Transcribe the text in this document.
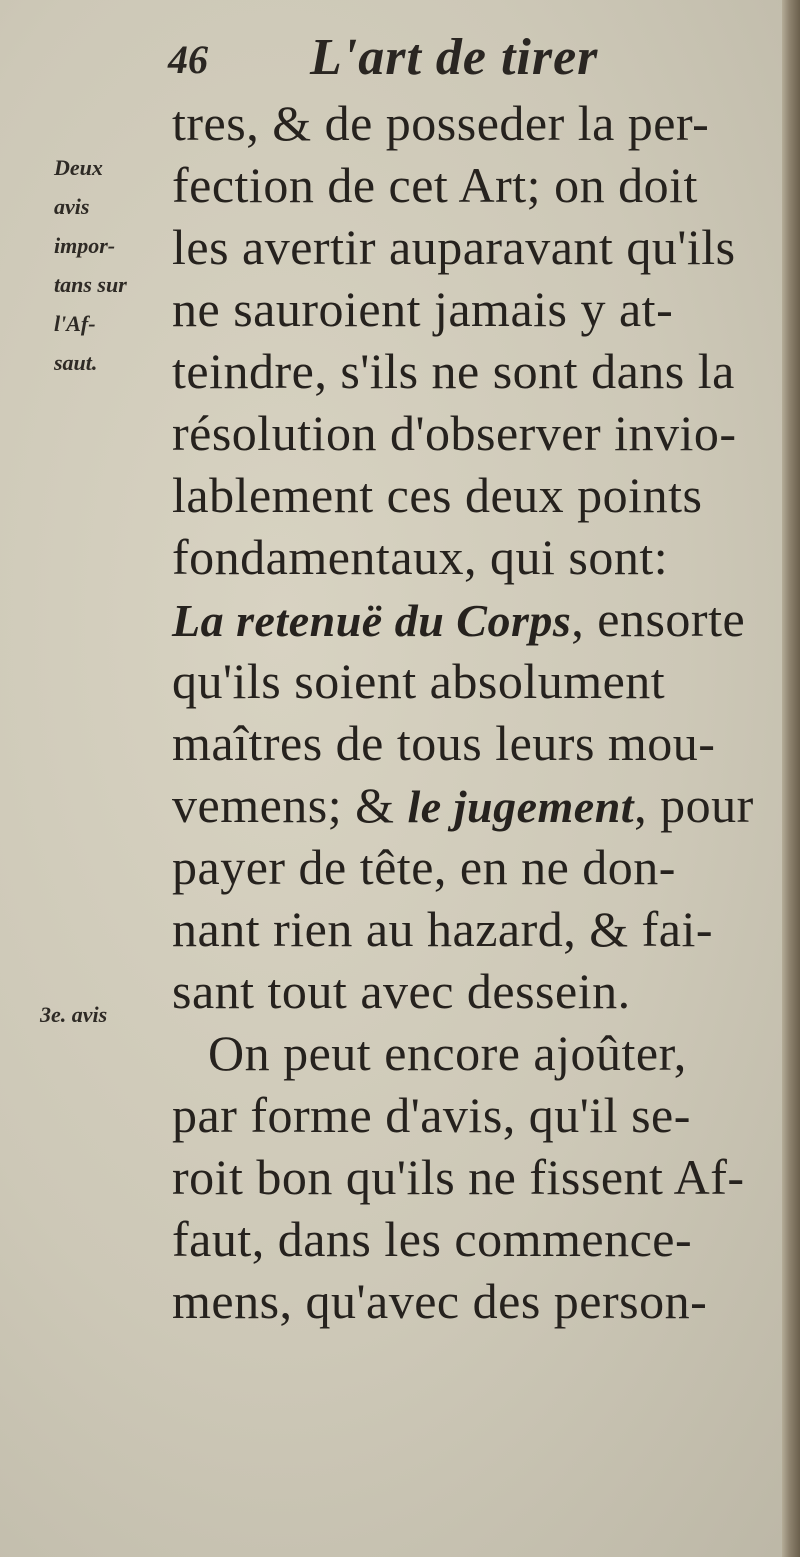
46 L'art de tirer
Deux
avis
impor-
tans sur
l'Af-
saut.
3e. avis
tres, & de posseder la per-
fection de cet Art; on doit
les avertir auparavant qu'ils
ne sauroient jamais y at-
teindre, s'ils ne sont dans la
résolution d'observer invio-
lablement ces deux points
fondamentaux, qui sont:
La retenuë du Corps, ensorte
qu'ils soient absolument
maîtres de tous leurs mou-
vemens; & le jugement, pour
payer de tête, en ne don-
nant rien au hazard, & fai-
sant tout avec dessein.
On peut encore ajoûter,
par forme d'avis, qu'il se-
roit bon qu'ils ne fissent Af-
faut, dans les commence-
mens, qu'avec des person-
